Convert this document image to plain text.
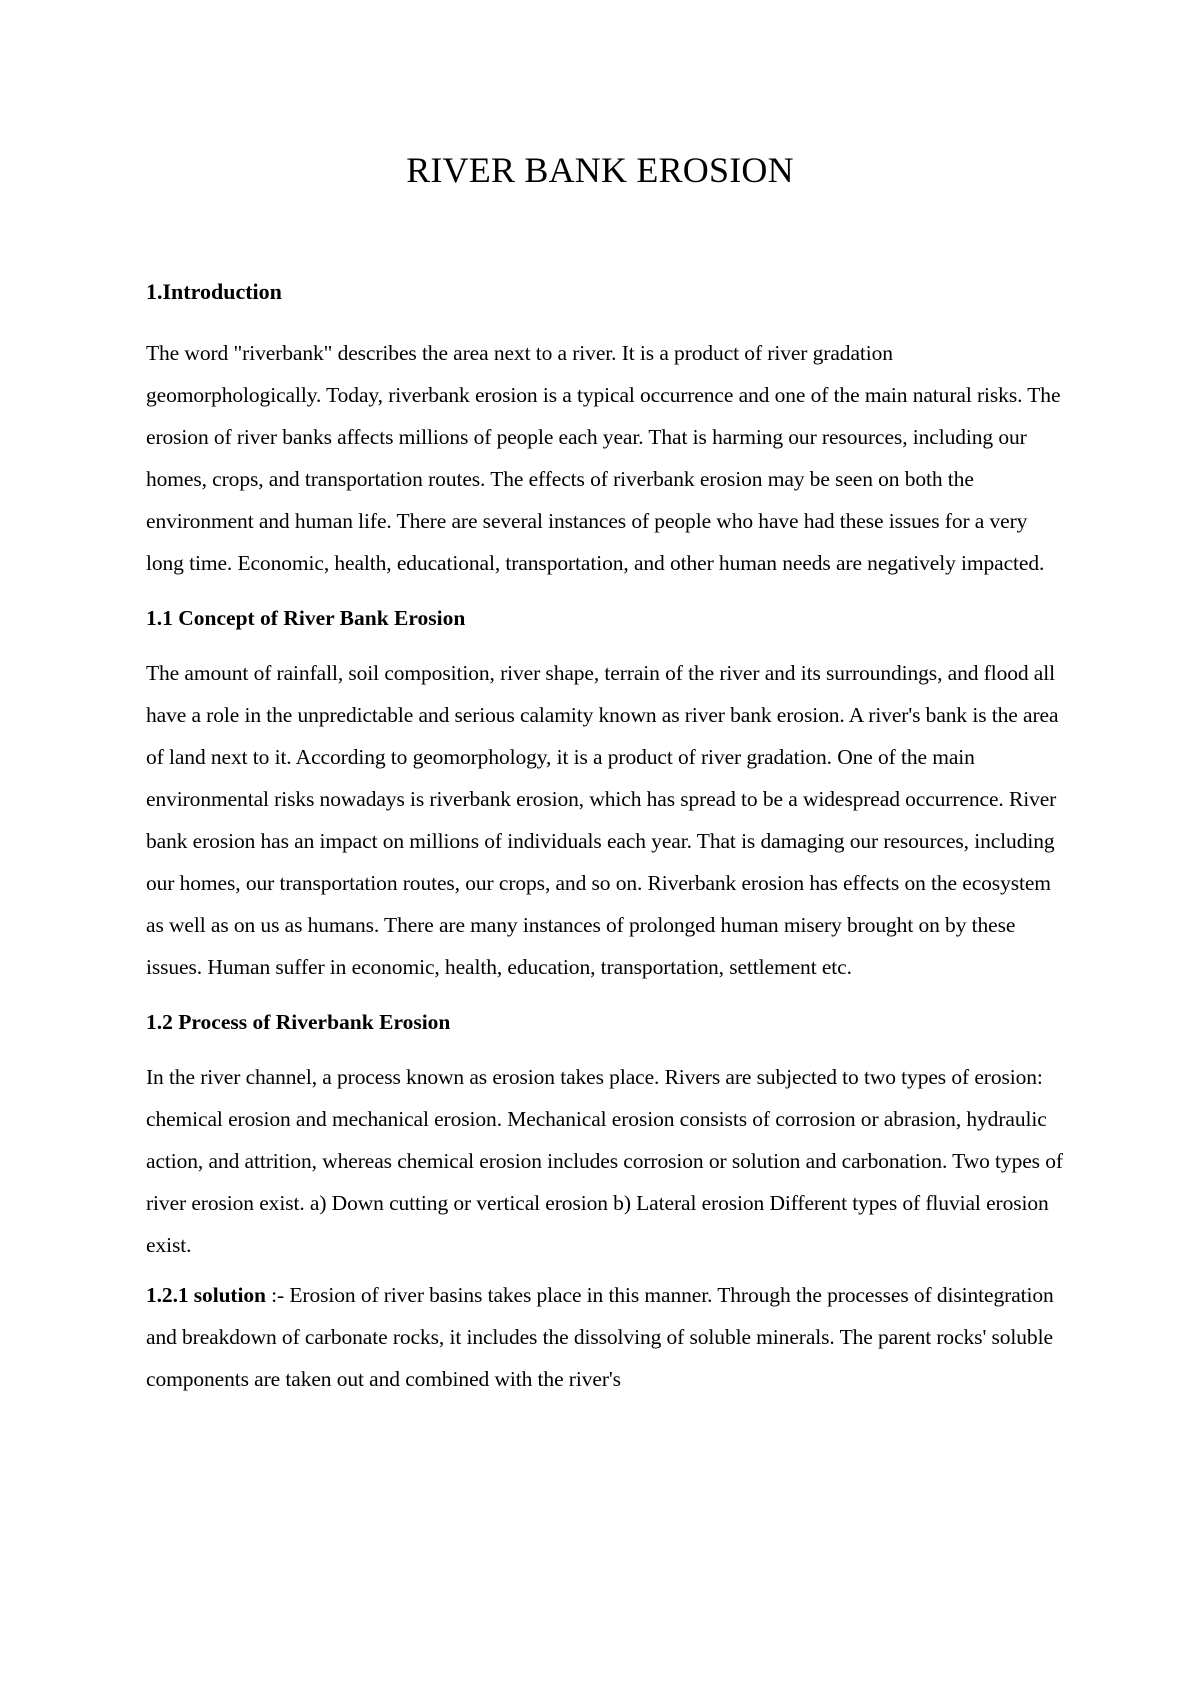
RIVER BANK EROSION
1.Introduction

The word "riverbank" describes the area next to a river. It is a product of river gradation geomorphologically. Today, riverbank erosion is a typical occurrence and one of the main natural risks. The erosion of river banks affects millions of people each year. That is harming our resources, including our homes, crops, and transportation routes. The effects of riverbank erosion may be seen on both the environment and human life. There are several instances of people who have had these issues for a very long time. Economic, health, educational, transportation, and other human needs are negatively impacted.

1.1 Concept of River Bank Erosion

The amount of rainfall, soil composition, river shape, terrain of the river and its surroundings, and flood all have a role in the unpredictable and serious calamity known as river bank erosion. A river's bank is the area of land next to it. According to geomorphology, it is a product of river gradation. One of the main environmental risks nowadays is riverbank erosion, which has spread to be a widespread occurrence. River bank erosion has an impact on millions of individuals each year. That is damaging our resources, including our homes, our transportation routes, our crops, and so on. Riverbank erosion has effects on the ecosystem as well as on us as humans. There are many instances of prolonged human misery brought on by these issues. Human suffer in economic, health, education, transportation, settlement etc.

1.2 Process of Riverbank Erosion

In the river channel, a process known as erosion takes place. Rivers are subjected to two types of erosion: chemical erosion and mechanical erosion. Mechanical erosion consists of corrosion or abrasion, hydraulic action, and attrition, whereas chemical erosion includes corrosion or solution and carbonation. Two types of river erosion exist. a) Down cutting or vertical erosion b) Lateral erosion Different types of fluvial erosion exist.

1.2.1 solution :- Erosion of river basins takes place in this manner. Through the processes of disintegration and breakdown of carbonate rocks, it includes the dissolving of soluble minerals. The parent rocks' soluble components are taken out and combined with the river's
